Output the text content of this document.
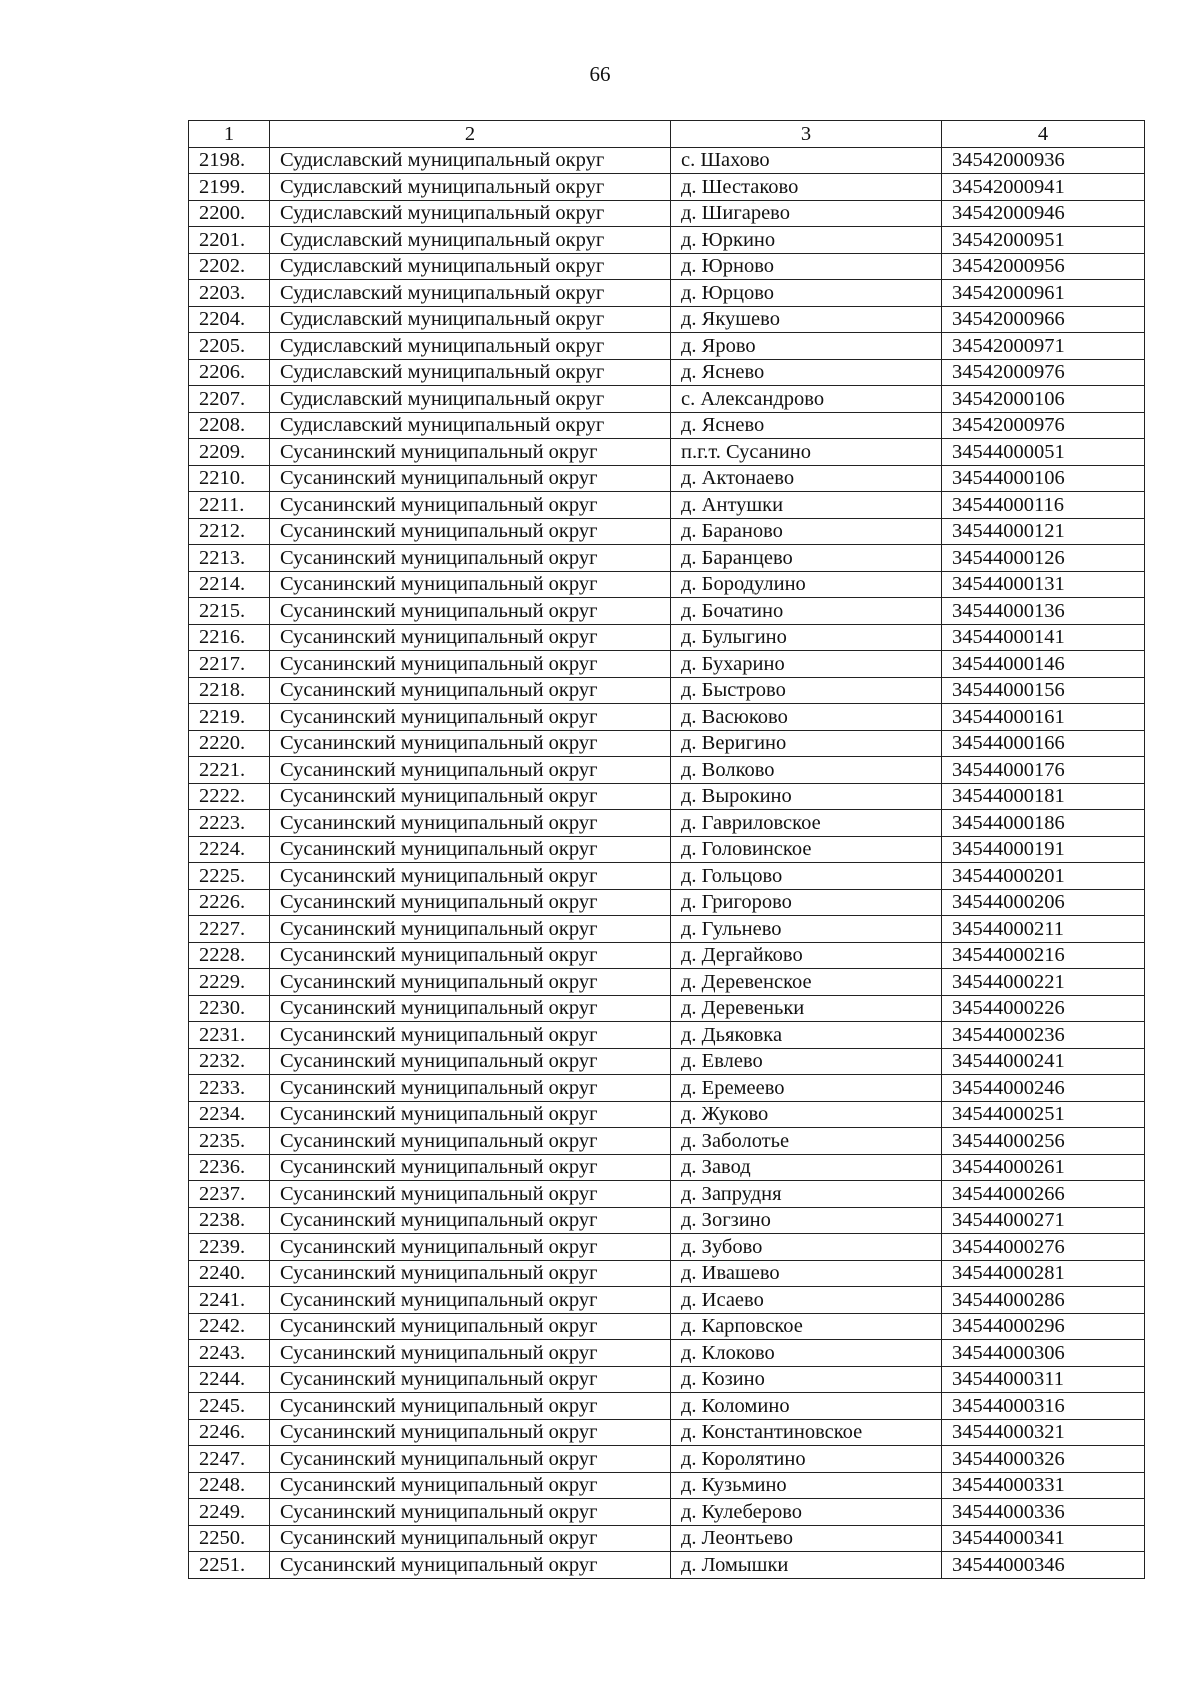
66
1	2	3	4
2198.	Судиславский муниципальный округ	с. Шахово	34542000936
2199.	Судиславский муниципальный округ	д. Шестаково	34542000941
2200.	Судиславский муниципальный округ	д. Шигарево	34542000946
2201.	Судиславский муниципальный округ	д. Юркино	34542000951
2202.	Судиславский муниципальный округ	д. Юрново	34542000956
2203.	Судиславский муниципальный округ	д. Юрцово	34542000961
2204.	Судиславский муниципальный округ	д. Якушево	34542000966
2205.	Судиславский муниципальный округ	д. Ярово	34542000971
2206.	Судиславский муниципальный округ	д. Яснево	34542000976
2207.	Судиславский муниципальный округ	с. Александрово	34542000106
2208.	Судиславский муниципальный округ	д. Яснево	34542000976
2209.	Сусанинский муниципальный округ	п.г.т. Сусанино	34544000051
2210.	Сусанинский муниципальный округ	д. Актонаево	34544000106
2211.	Сусанинский муниципальный округ	д. Антушки	34544000116
2212.	Сусанинский муниципальный округ	д. Бараново	34544000121
2213.	Сусанинский муниципальный округ	д. Баранцево	34544000126
2214.	Сусанинский муниципальный округ	д. Бородулино	34544000131
2215.	Сусанинский муниципальный округ	д. Бочатино	34544000136
2216.	Сусанинский муниципальный округ	д. Булыгино	34544000141
2217.	Сусанинский муниципальный округ	д. Бухарино	34544000146
2218.	Сусанинский муниципальный округ	д. Быстрово	34544000156
2219.	Сусанинский муниципальный округ	д. Васюково	34544000161
2220.	Сусанинский муниципальный округ	д. Веригино	34544000166
2221.	Сусанинский муниципальный округ	д. Волково	34544000176
2222.	Сусанинский муниципальный округ	д. Вырокино	34544000181
2223.	Сусанинский муниципальный округ	д. Гавриловское	34544000186
2224.	Сусанинский муниципальный округ	д. Головинское	34544000191
2225.	Сусанинский муниципальный округ	д. Гольцово	34544000201
2226.	Сусанинский муниципальный округ	д. Григорово	34544000206
2227.	Сусанинский муниципальный округ	д. Гульнево	34544000211
2228.	Сусанинский муниципальный округ	д. Дергайково	34544000216
2229.	Сусанинский муниципальный округ	д. Деревенское	34544000221
2230.	Сусанинский муниципальный округ	д. Деревеньки	34544000226
2231.	Сусанинский муниципальный округ	д. Дьяковка	34544000236
2232.	Сусанинский муниципальный округ	д. Евлево	34544000241
2233.	Сусанинский муниципальный округ	д. Еремеево	34544000246
2234.	Сусанинский муниципальный округ	д. Жуково	34544000251
2235.	Сусанинский муниципальный округ	д. Заболотье	34544000256
2236.	Сусанинский муниципальный округ	д. Завод	34544000261
2237.	Сусанинский муниципальный округ	д. Запрудня	34544000266
2238.	Сусанинский муниципальный округ	д. Зогзино	34544000271
2239.	Сусанинский муниципальный округ	д. Зубово	34544000276
2240.	Сусанинский муниципальный округ	д. Ивашево	34544000281
2241.	Сусанинский муниципальный округ	д. Исаево	34544000286
2242.	Сусанинский муниципальный округ	д. Карповское	34544000296
2243.	Сусанинский муниципальный округ	д. Клоково	34544000306
2244.	Сусанинский муниципальный округ	д. Козино	34544000311
2245.	Сусанинский муниципальный округ	д. Коломино	34544000316
2246.	Сусанинский муниципальный округ	д. Константиновское	34544000321
2247.	Сусанинский муниципальный округ	д. Королятино	34544000326
2248.	Сусанинский муниципальный округ	д. Кузьмино	34544000331
2249.	Сусанинский муниципальный округ	д. Кулеберово	34544000336
2250.	Сусанинский муниципальный округ	д. Леонтьево	34544000341
2251.	Сусанинский муниципальный округ	д. Ломышки	34544000346
